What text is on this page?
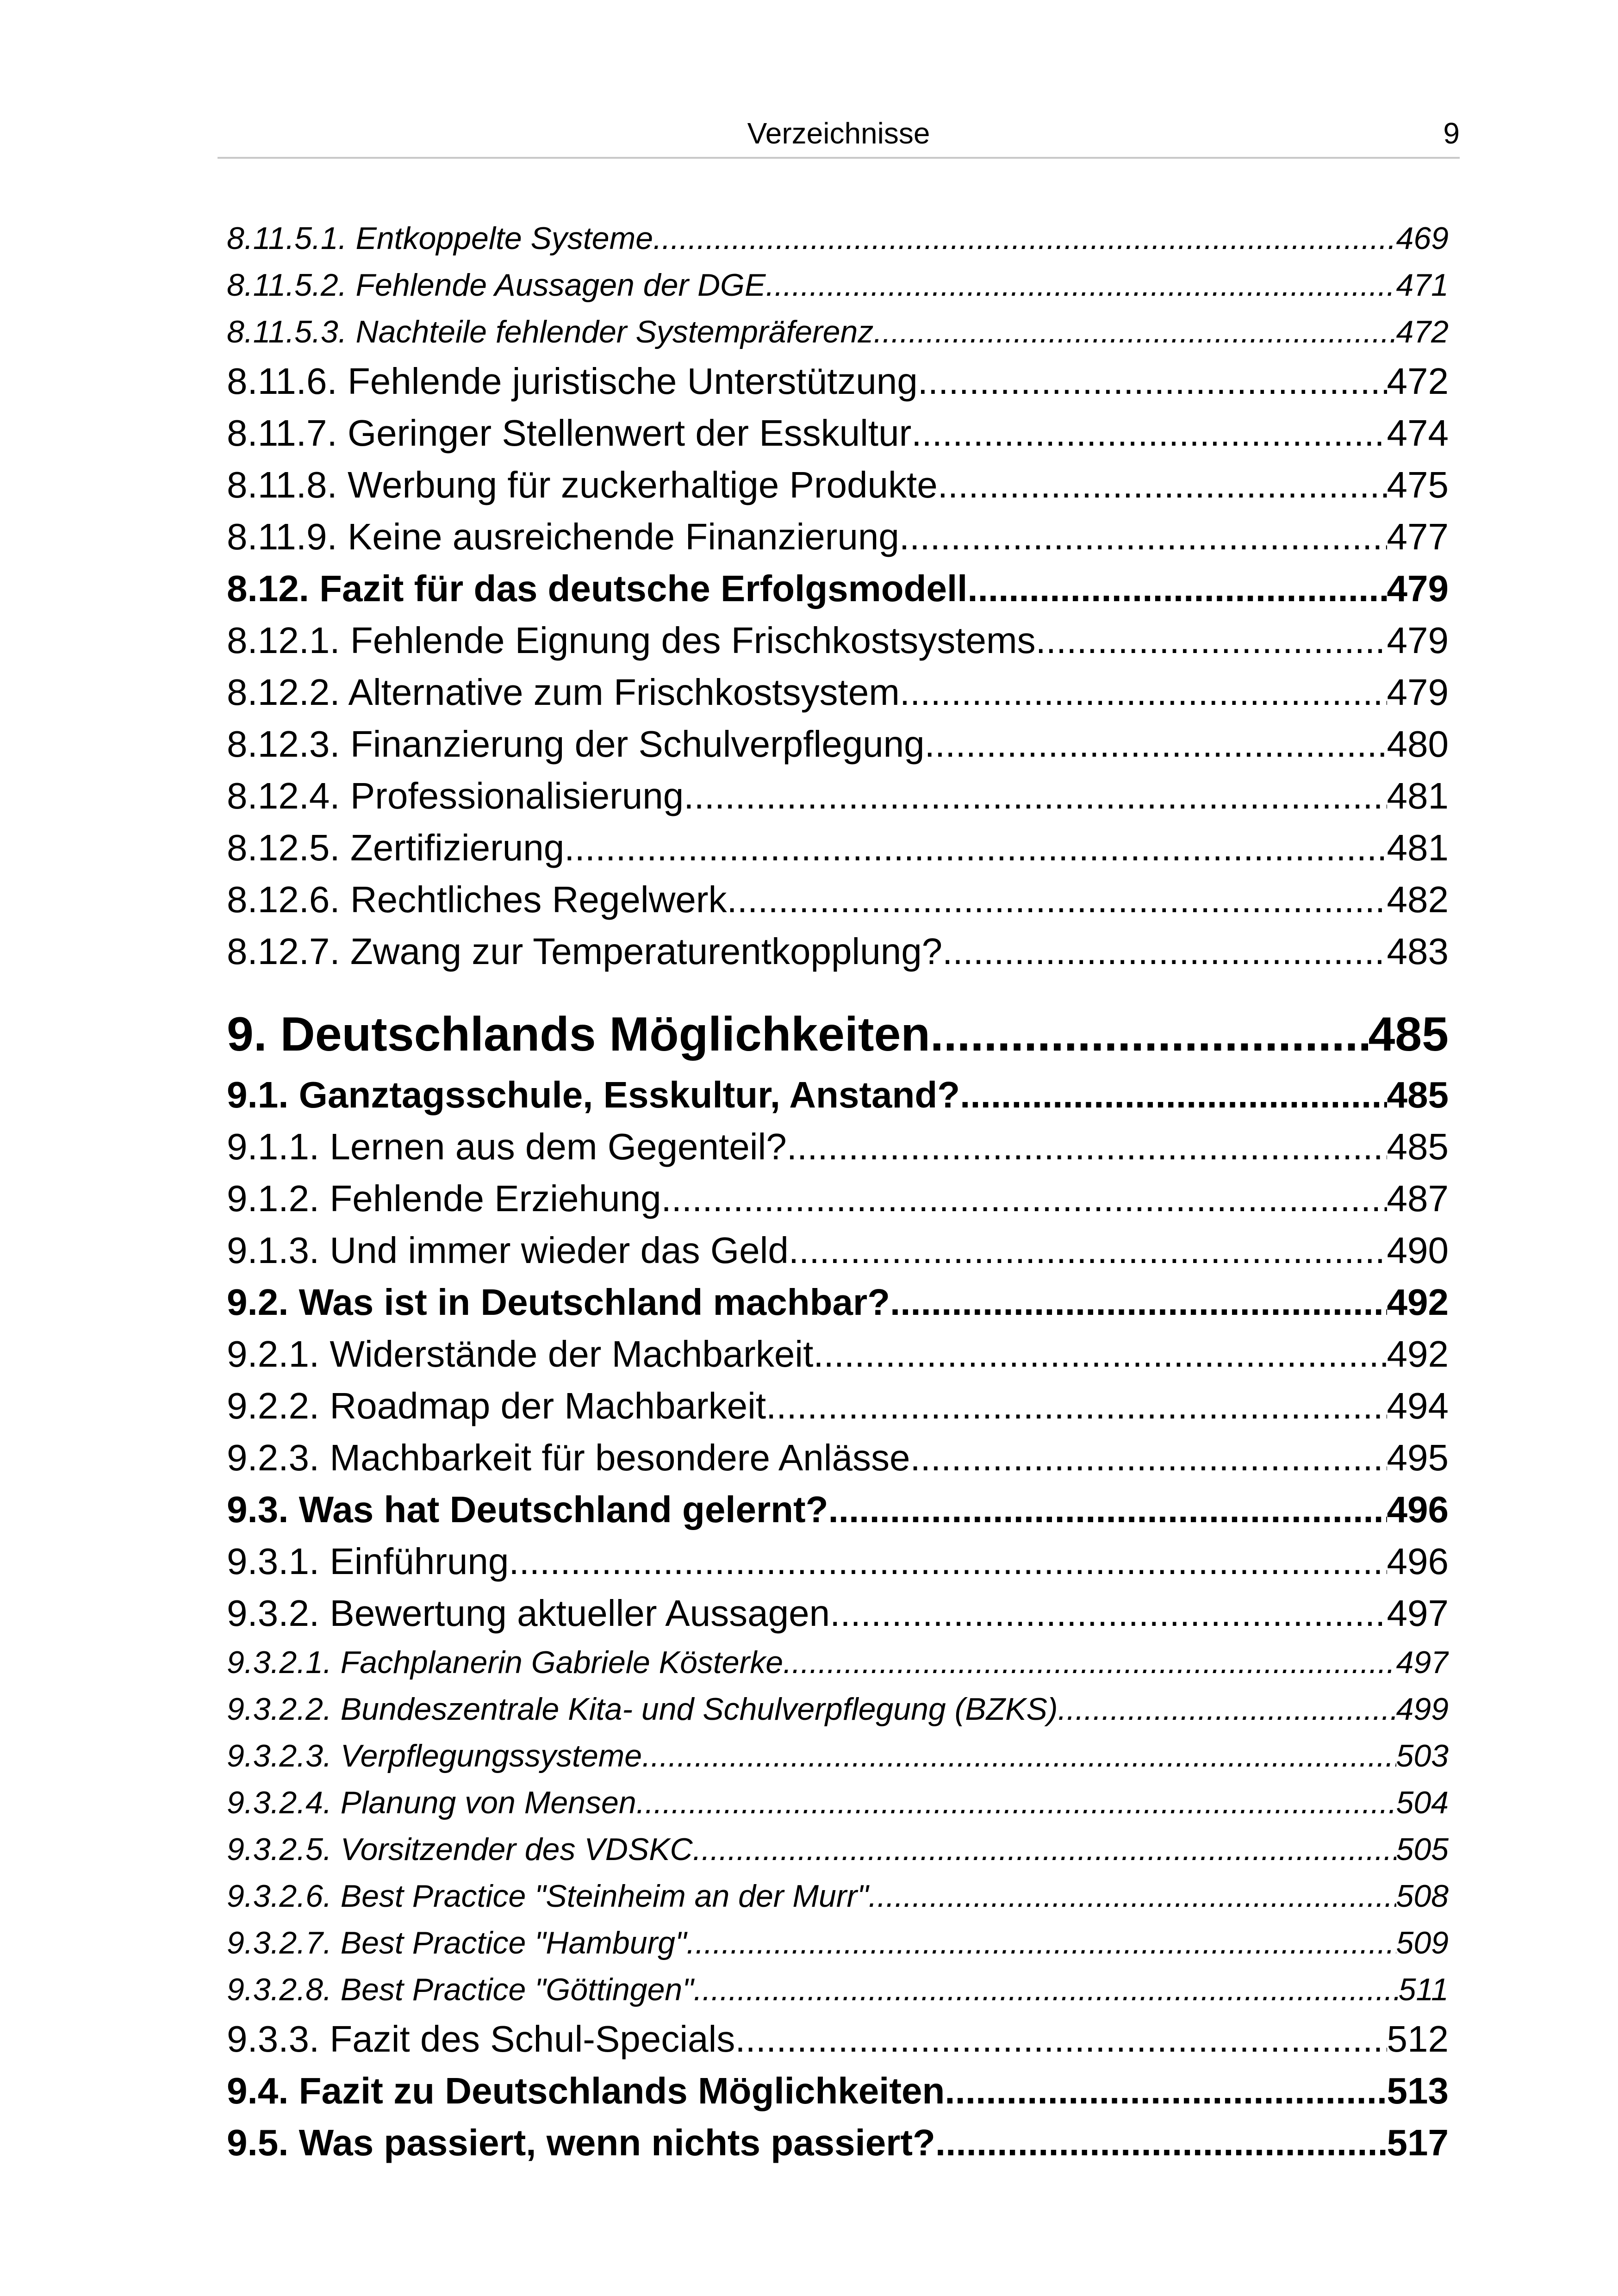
Verzeichnisse	9
8.11.5.1. Entkoppelte Systeme .....	469
8.11.5.2. Fehlende Aussagen der DGE .....	471
8.11.5.3. Nachteile fehlender Systempräferenz .....	472
8.11.6. Fehlende juristische Unterstützung .....	472
8.11.7. Geringer Stellenwert der Esskultur .....	474
8.11.8. Werbung für zuckerhaltige Produkte .....	475
8.11.9. Keine ausreichende Finanzierung .....	477
8.12. Fazit für das deutsche Erfolgsmodell .....	479
8.12.1. Fehlende Eignung des Frischkostsystems .....	479
8.12.2. Alternative zum Frischkostsystem .....	479
8.12.3. Finanzierung der Schulverpflegung .....	480
8.12.4. Professionalisierung .....	481
8.12.5. Zertifizierung .....	481
8.12.6. Rechtliches Regelwerk .....	482
8.12.7. Zwang zur Temperaturentkopplung? .....	483
9. Deutschlands Möglichkeiten .....	485
9.1. Ganztagsschule, Esskultur, Anstand? .....	485
9.1.1. Lernen aus dem Gegenteil? .....	485
9.1.2. Fehlende Erziehung .....	487
9.1.3. Und immer wieder das Geld .....	490
9.2. Was ist in Deutschland machbar? .....	492
9.2.1. Widerstände der Machbarkeit .....	492
9.2.2. Roadmap der Machbarkeit .....	494
9.2.3. Machbarkeit für besondere Anlässe .....	495
9.3. Was hat Deutschland gelernt? .....	496
9.3.1. Einführung .....	496
9.3.2. Bewertung aktueller Aussagen .....	497
9.3.2.1. Fachplanerin Gabriele Kösterke .....	497
9.3.2.2. Bundeszentrale Kita- und Schulverpflegung (BZKS) .....	499
9.3.2.3. Verpflegungssysteme .....	503
9.3.2.4. Planung von Mensen .....	504
9.3.2.5. Vorsitzender des VDSKC .....	505
9.3.2.6. Best Practice "Steinheim an der Murr" .....	508
9.3.2.7. Best Practice "Hamburg" .....	509
9.3.2.8. Best Practice "Göttingen" .....	511
9.3.3. Fazit des Schul-Specials .....	512
9.4. Fazit zu Deutschlands Möglichkeiten .....	513
9.5. Was passiert, wenn nichts passiert? .....	517
